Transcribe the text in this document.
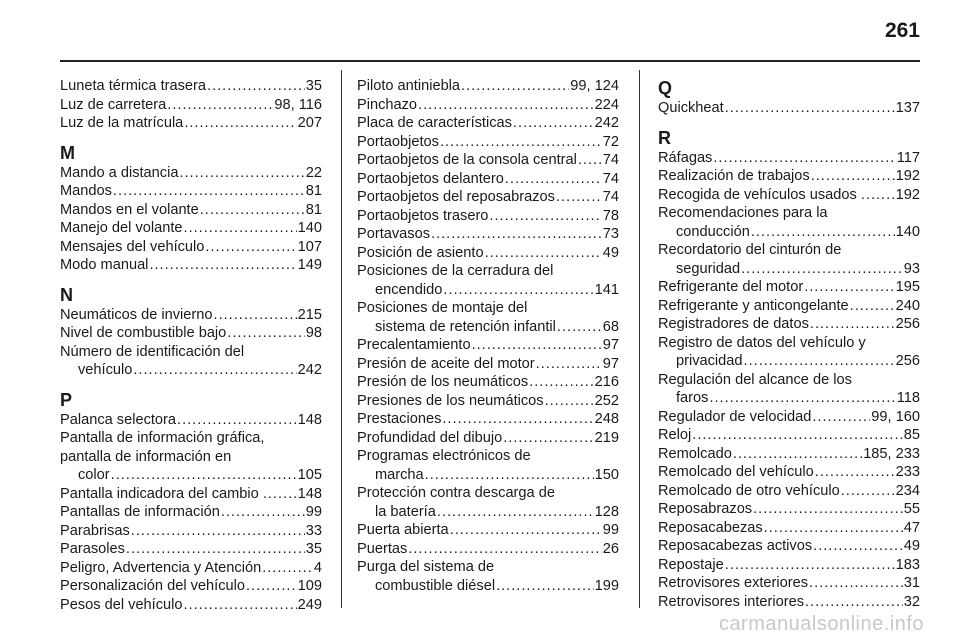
261
Luneta térmica trasera .....	35
Luz de carretera .....	98, 116
Luz de la matrícula .....	207
M
Mando a distancia .....	22
Mandos .....	81
Mandos en el volante .....	81
Manejo del volante .....	140
Mensajes del vehículo .....	107
Modo manual .....	149
N
Neumáticos de invierno .....	215
Nivel de combustible bajo .....	98
Número de identificación del
vehículo .....	242
P
Palanca selectora .....	148
Pantalla de información gráfica,
pantalla de información en
color .....	105
Pantalla indicadora del cambio . ..... 148
Pantallas de información .....	99
Parabrisas .....	33
Parasoles .....	35
Peligro, Advertencia y Atención .....	4
Personalización del vehículo .....	109
Pesos del vehículo .....	249
Piloto antiniebla .....	99, 124
Pinchazo .....	224
Placa de características .....	242
Portaobjetos .....	72
Portaobjetos de la consola central ..... 74
Portaobjetos delantero .....	74
Portaobjetos del reposabrazos .....	74
Portaobjetos trasero .....	78
Portavasos .....	73
Posición de asiento .....	49
Posiciones de la cerradura del
encendido .....	141
Posiciones de montaje del
sistema de retención infantil .....	68
Precalentamiento .....	97
Presión de aceite del motor .....	97
Presión de los neumáticos .....	216
Presiones de los neumáticos .....	252
Prestaciones .....	248
Profundidad del dibujo .....	219
Programas electrónicos de
marcha .....	150
Protección contra descarga de
la batería .....	128
Puerta abierta .....	99
Puertas .....	26
Purga del sistema de
combustible diésel .....	199
Q
Quickheat .....	137
R
Ráfagas .....	117
Realización de trabajos .....	192
Recogida de vehículos usados . ..... 192
Recomendaciones para la
conducción .....	140
Recordatorio del cinturón de
seguridad .....	93
Refrigerante del motor .....	195
Refrigerante y anticongelante .....	240
Registradores de datos .....	256
Registro de datos del vehículo y
privacidad .....	256
Regulación del alcance de los
faros .....	118
Regulador de velocidad .....	99, 160
Reloj .....	85
Remolcado .....	185, 233
Remolcado del vehículo .....	233
Remolcado de otro vehículo .....	234
Reposabrazos .....	55
Reposacabezas .....	47
Reposacabezas activos .....	49
Repostaje .....	183
Retrovisores exteriores .....	31
Retrovisores interiores .....	32
carmanualsonline.info
